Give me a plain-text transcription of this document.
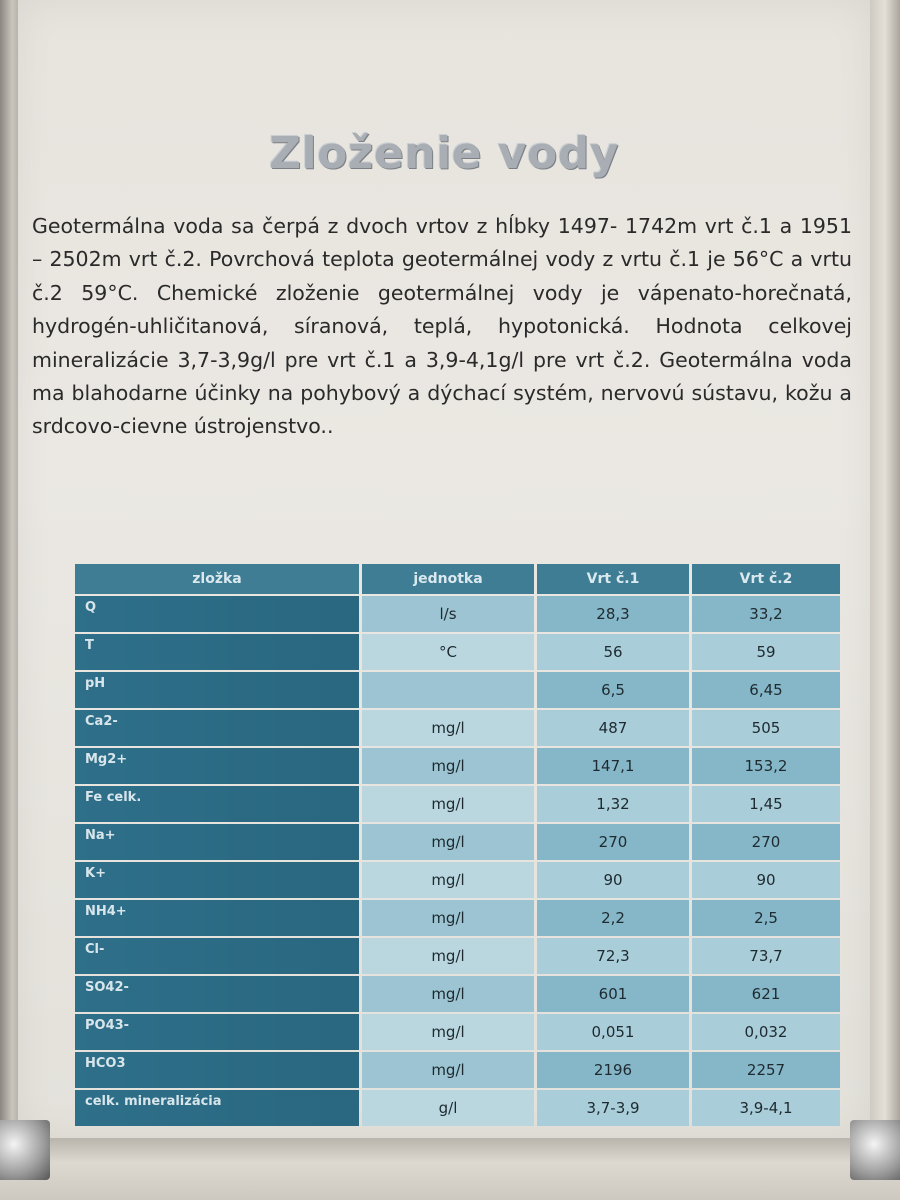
Zloženie vody

Geotermálna voda sa čerpá z dvoch vrtov z hĺbky 1497- 1742m vrt č.1 a 1951 – 2502m vrt č.2. Povrchová teplota geotermálnej vody z vrtu č.1 je 56°C a vrtu č.2 59°C. Chemické zloženie geotermálnej vody je vápenato-horečnatá, hydrogén-uhličitanová, síranová, teplá, hypotonická. Hodnota celkovej mineralizácie 3,7-3,9g/l pre vrt č.1 a 3,9-4,1g/l pre vrt č.2. Geotermálna voda ma blahodarne účinky na pohybový a dýchací systém, nervovú sústavu, kožu a srdcovo-cievne ústrojenstvo..

zložka	jednotka	Vrt č.1	Vrt č.2
Q	l/s	28,3	33,2
T	°C	56	59
pH		6,5	6,45
Ca2-	mg/l	487	505
Mg2+	mg/l	147,1	153,2
Fe celk.	mg/l	1,32	1,45
Na+	mg/l	270	270
K+	mg/l	90	90
NH4+	mg/l	2,2	2,5
Cl-	mg/l	72,3	73,7
SO42-	mg/l	601	621
PO43-	mg/l	0,051	0,032
HCO3	mg/l	2196	2257
celk. mineralizácia	g/l	3,7-3,9	3,9-4,1
